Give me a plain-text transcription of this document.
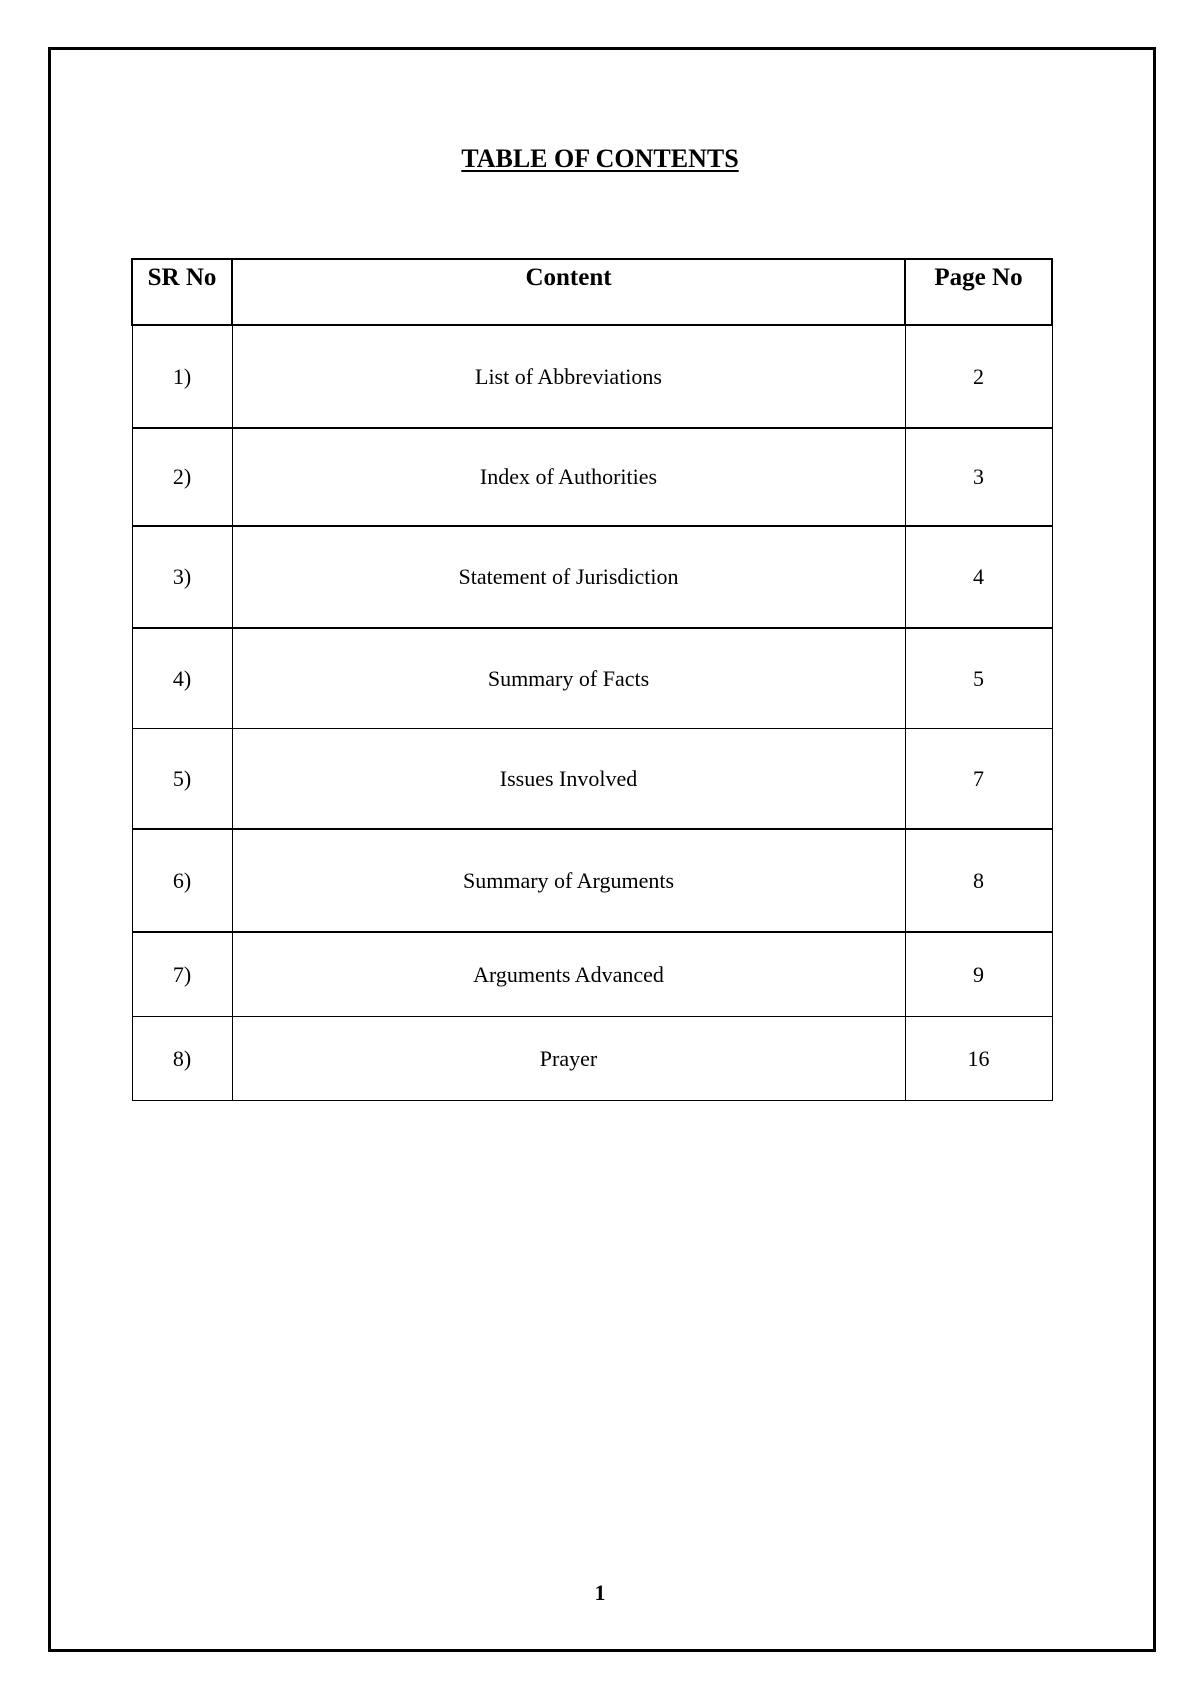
TABLE OF CONTENTS
SR No	Content	Page No
1)	List of Abbreviations	2
2)	Index of Authorities	3
3)	Statement of Jurisdiction	4
4)	Summary of Facts	5
5)	Issues Involved	7
6)	Summary of Arguments	8
7)	Arguments Advanced	9
8)	Prayer	16
1
